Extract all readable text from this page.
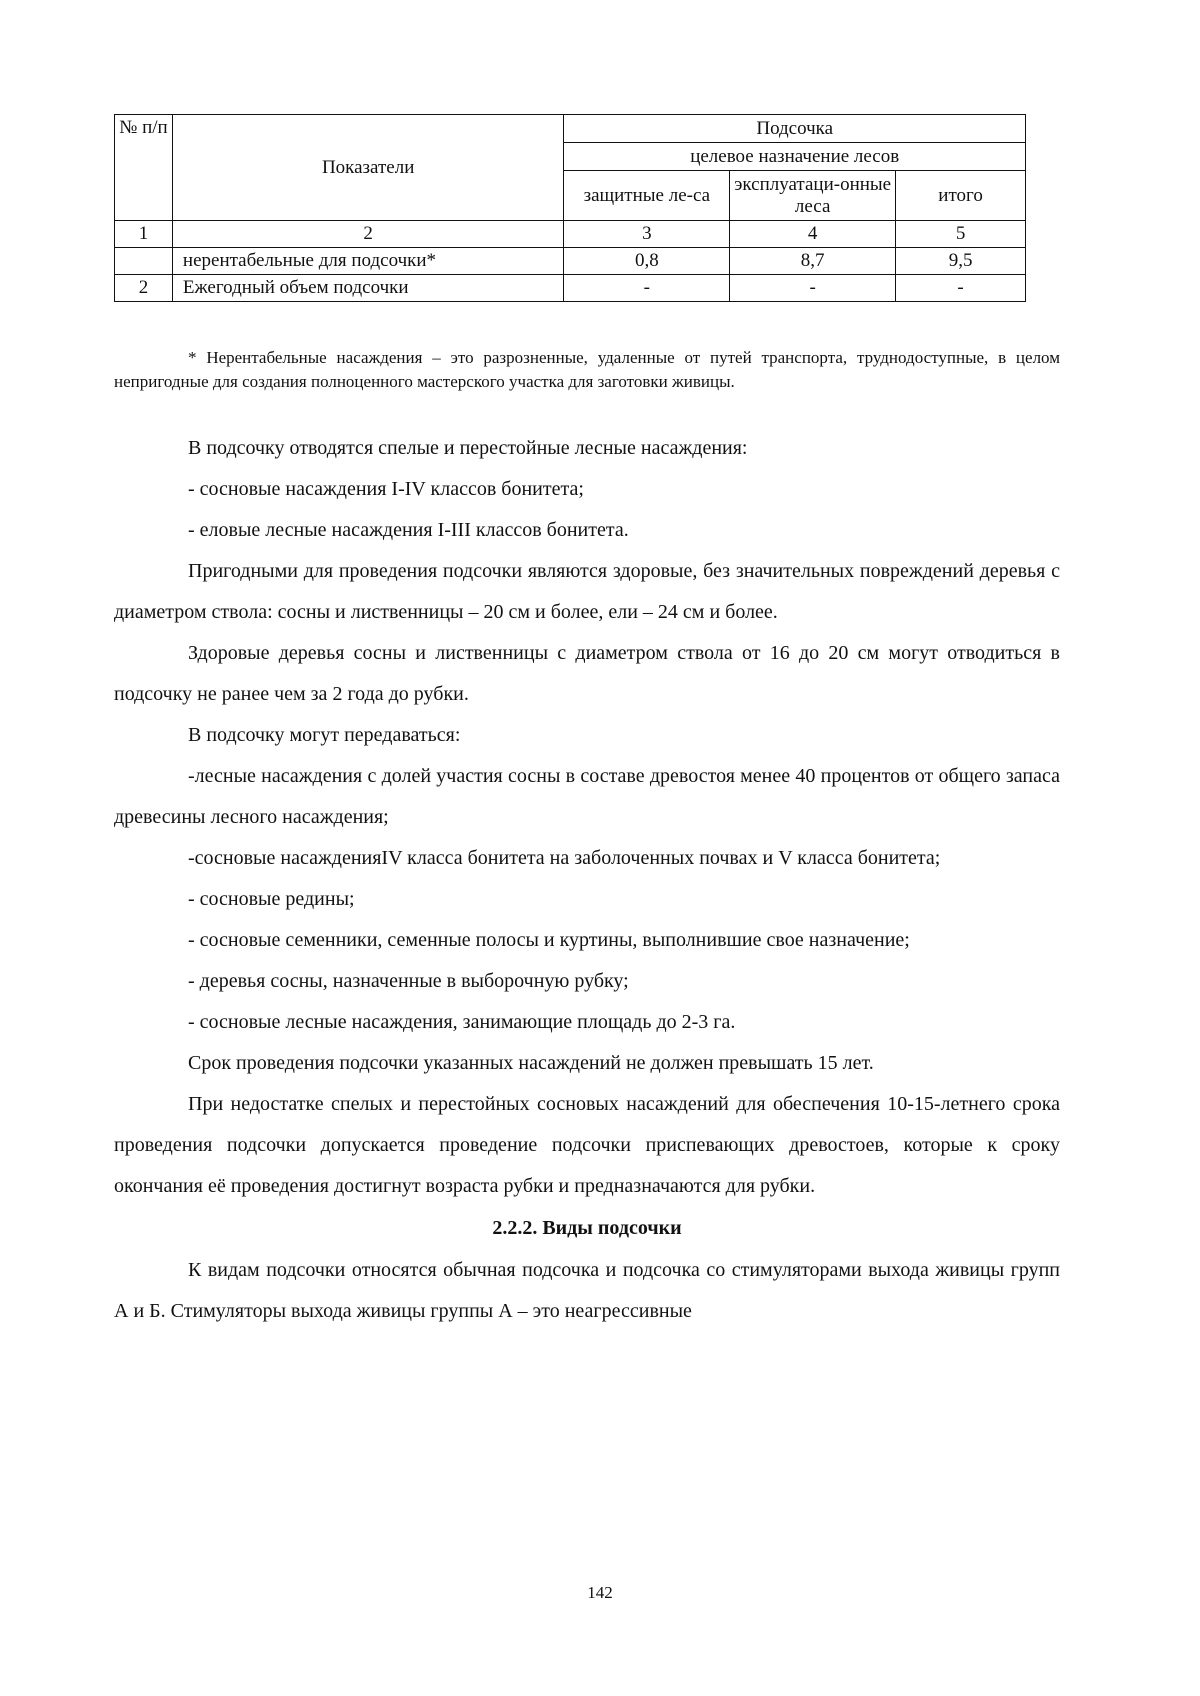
№ п/п	Показатели	Подсочка		
		целевое назначение лесов		
		защитные ле-са	эксплуатаци-онные леса	итого
1	2	3	4	5
	нерентабельные для подсочки*	0,8	8,7	9,5
2	Ежегодный объем подсочки	-	-	-
* Нерентабельные насаждения – это разрозненные, удаленные от путей транспорта, труднодоступные, в целом непригодные для создания полноценного мастерского участка для заготовки живицы.

В подсочку отводятся спелые и перестойные лесные насаждения:

- сосновые насаждения I-IV классов бонитета;

- еловые лесные насаждения I-III классов бонитета.

Пригодными для проведения подсочки являются здоровые, без значительных повреждений деревья с диаметром ствола: сосны и лиственницы – 20 см и более, ели – 24 см и более.

Здоровые деревья сосны и лиственницы с диаметром ствола от 16 до 20 см могут отводиться в подсочку не ранее чем за 2 года до рубки.

В подсочку могут передаваться:

-лесные насаждения с долей участия сосны в составе древостоя менее 40 процентов от общего запаса древесины лесного насаждения;

-сосновые насажденияIV класса бонитета на заболоченных почвах и V класса бонитета;

- сосновые редины;

- сосновые семенники, семенные полосы и куртины, выполнившие свое назначение;

- деревья сосны, назначенные в выборочную рубку;

- сосновые лесные насаждения, занимающие площадь до 2-3 га.

Срок проведения подсочки указанных насаждений не должен превышать 15 лет.

При недостатке спелых и перестойных сосновых насаждений для обеспечения 10-15-летнего срока проведения подсочки допускается проведение подсочки приспевающих древостоев, которые к сроку окончания её проведения достигнут возраста рубки и предназначаются для рубки.

2.2.2. Виды подсочки

К видам подсочки относятся обычная подсочка и подсочка со стимуляторами выхода живицы групп А и Б. Стимуляторы выхода живицы группы А – это неагрессивные

142
